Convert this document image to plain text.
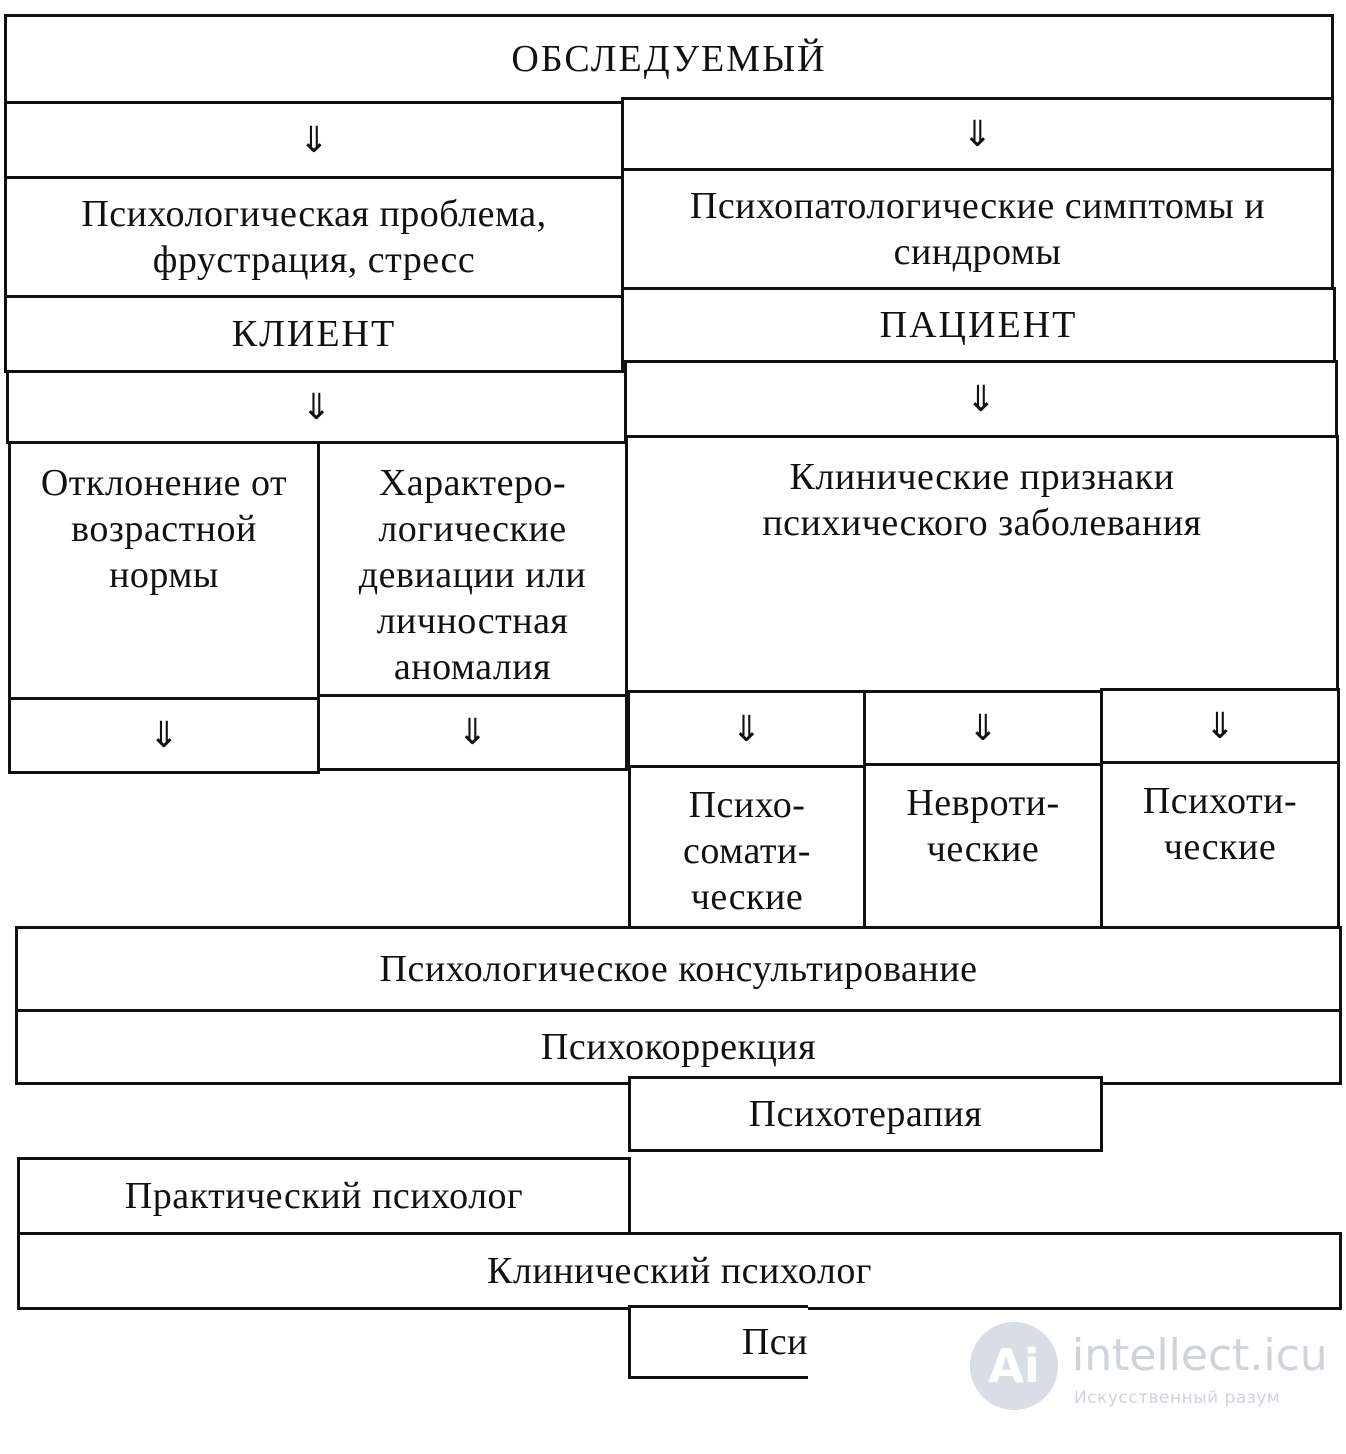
ОБСЛЕДУЕМЫЙ
⇓	⇓
Психологическая проблема, фрустрация, стресс
Психопатологические симптомы и синдромы
КЛИЕНТ	ПАЦИЕНТ
⇓	⇓
Отклонение от возрастной нормы
Характеро-логические девиации или личностная аномалия
Клинические признаки психического заболевания
⇓	⇓	⇓	⇓	⇓
Психо-сомати-ческие
Невроти-ческие
Психоти-ческие
Психологическое консультирование
Психокоррекция
Психотерапия
Практический психолог
Клинический психолог
Пси	Ai intellect.icu
Искусственный разум
